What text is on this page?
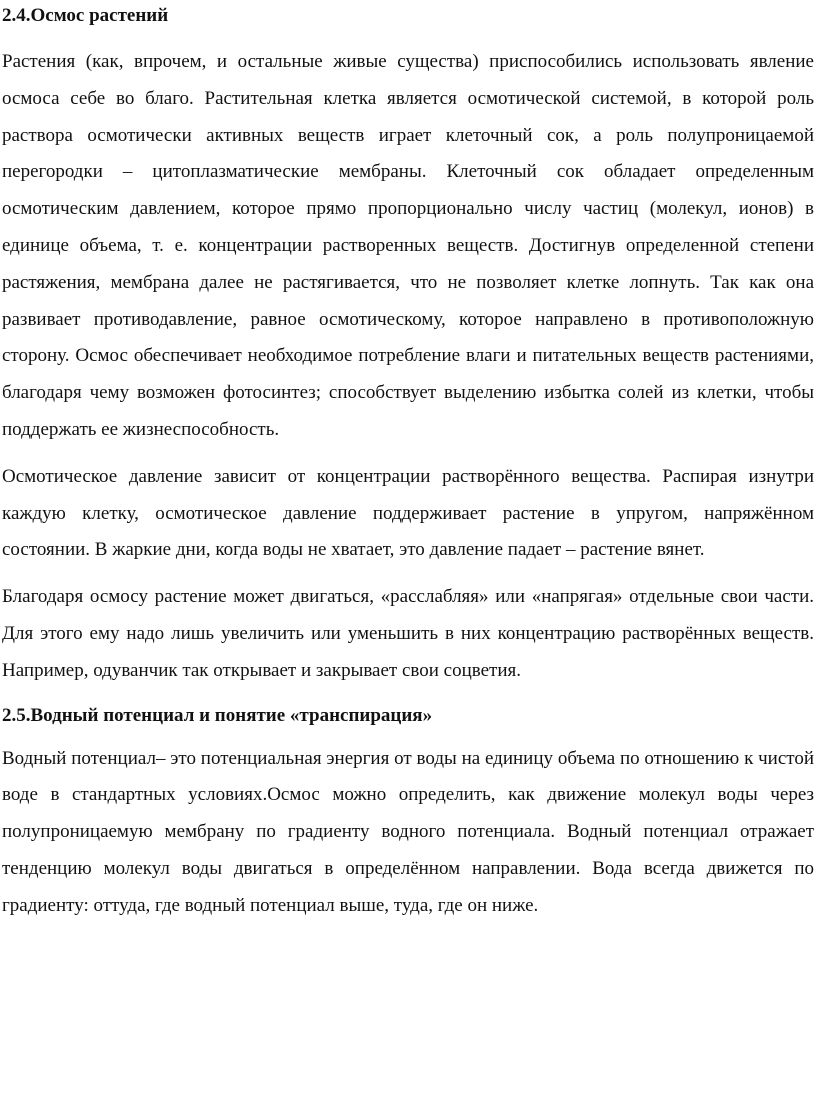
2.4.Осмос растений

Растения (как, впрочем, и остальные живые существа) приспособились использовать явление осмоса себе во благо. Растительная клетка является осмотической системой, в которой роль раствора осмотически активных веществ играет клеточный сок, а роль полупроницаемой перегородки – цитоплазматические мембраны. Клеточный сок обладает определенным осмотическим давлением, которое прямо пропорционально числу частиц (молекул, ионов) в единице объема, т. е. концентрации растворенных веществ. Достигнув определенной степени растяжения, мембрана далее не растягивается, что не позволяет клетке лопнуть. Так как она развивает противодавление, равное осмотическому, которое направлено в противоположную сторону. Осмос обеспечивает необходимое потребление влаги и питательных веществ растениями, благодаря чему возможен фотосинтез; способствует выделению избытка солей из клетки, чтобы поддержать ее жизнеспособность.

Осмотическое давление зависит от концентрации растворённого вещества. Распирая изнутри каждую клетку, осмотическое давление поддерживает растение в упругом, напряжённом состоянии. В жаркие дни, когда воды не хватает, это давление падает – растение вянет.

Благодаря осмосу растение может двигаться, «расслабляя» или «напрягая» отдельные свои части. Для этого ему надо лишь увеличить или уменьшить в них концентрацию растворённых веществ. Например, одуванчик так открывает и закрывает свои соцветия.

2.5.Водный потенциал и понятие «транспирация»

Водный потенциал– это потенциальная энергия от воды на единицу объема по отношению к чистой воде в стандартных условиях.Осмос можно определить, как движение молекул воды через полупроницаемую мембрану по градиенту водного потенциала. Водный потенциал отражает тенденцию молекул воды двигаться в определённом направлении. Вода всегда движется по градиенту: оттуда, где водный потенциал выше, туда, где он ниже.
